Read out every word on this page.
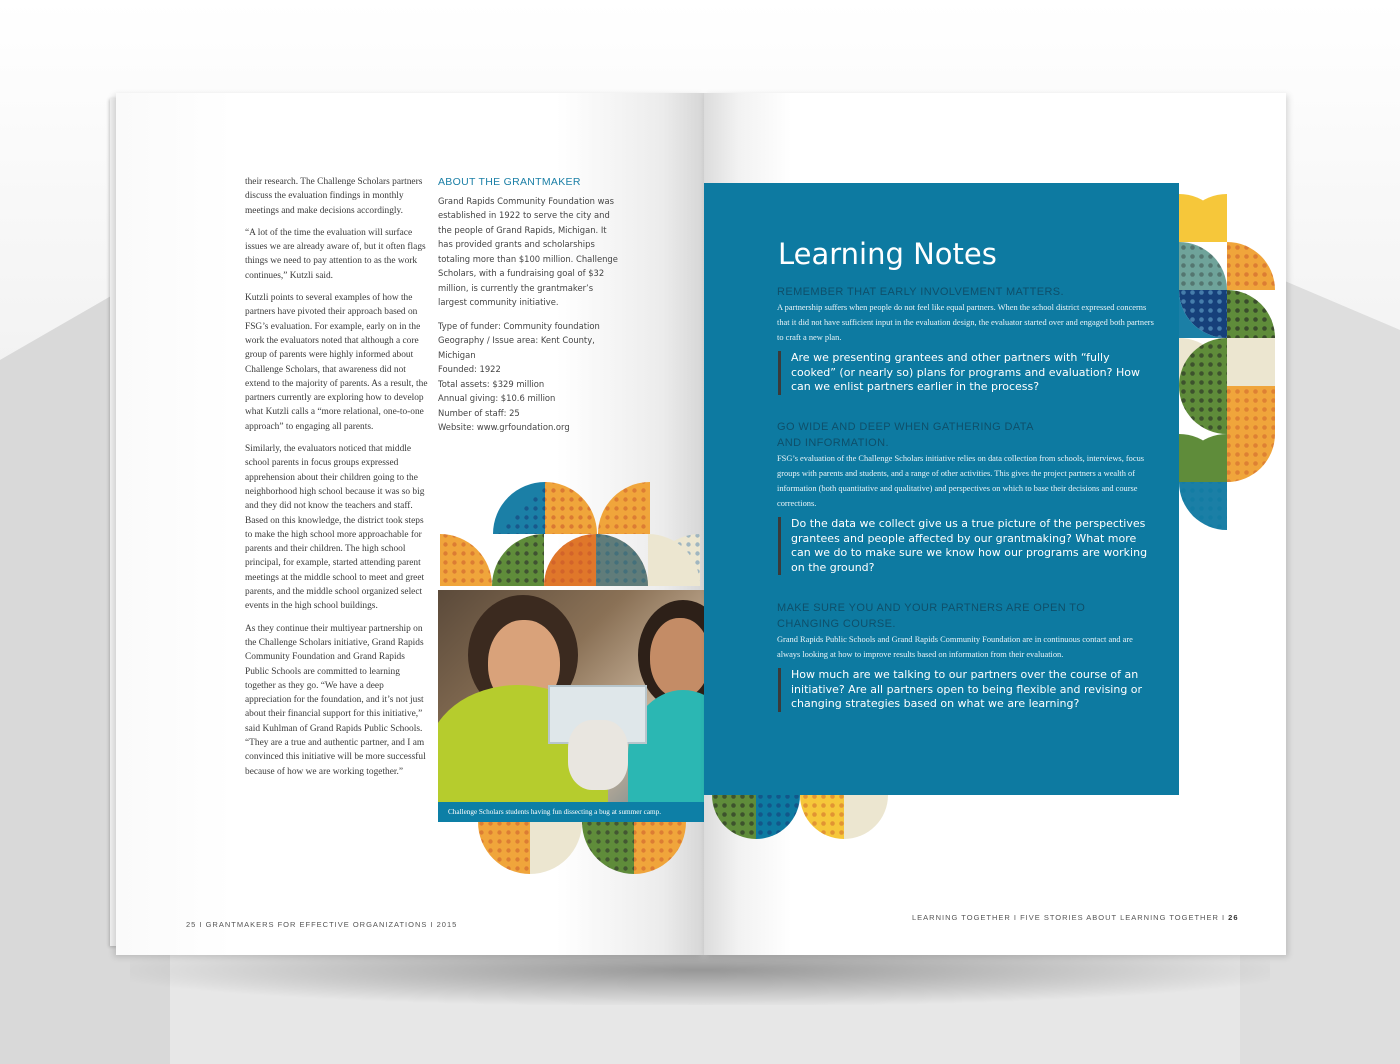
their research. The Challenge Scholars partners discuss the evaluation findings in monthly meetings and make decisions accordingly.

“A lot of the time the evaluation will surface issues we are already aware of, but it often flags things we need to pay attention to as the work continues,” Kutzli said.

Kutzli points to several examples of how the partners have pivoted their approach based on FSG’s evaluation. For example, early on in the work the evaluators noted that although a core group of parents were highly informed about Challenge Scholars, that awareness did not extend to the majority of parents. As a result, the partners currently are exploring how to develop what Kutzli calls a “more relational, one-to-one approach” to engaging all parents.

Similarly, the evaluators noticed that middle school parents in focus groups expressed apprehension about their children going to the neighborhood high school because it was so big and they did not know the teachers and staff. Based on this knowledge, the district took steps to make the high school more approachable for parents and their children. The high school principal, for example, started attending parent meetings at the middle school to meet and greet parents, and the middle school organized select events in the high school buildings.

As they continue their multiyear partnership on the Challenge Scholars initiative, Grand Rapids Community Foundation and Grand Rapids Public Schools are committed to learning together as they go. “We have a deep appreciation for the foundation, and it’s not just about their financial support for this initiative,” said Kuhlman of Grand Rapids Public Schools. “They are a true and authentic partner, and I am convinced this initiative will be more successful because of how we are working together.”

ABOUT THE GRANTMAKER

Grand Rapids Community Foundation was established in 1922 to serve the city and the people of Grand Rapids, Michigan. It has provided grants and scholarships totaling more than $100 million. Challenge Scholars, with a fundraising goal of $32 million, is currently the grantmaker’s largest community initiative.

Type of funder: Community foundation
Geography / Issue area: Kent County, Michigan
Founded: 1922
Total assets: $329 million
Annual giving: $10.6 million
Number of staff: 25
Website: www.grfoundation.org
Challenge Scholars students having fun dissecting a bug at summer camp.
25 I GRANTMAKERS FOR EFFECTIVE ORGANIZATIONS I 2015
Learning Notes
REMEMBER THAT EARLY INVOLVEMENT MATTERS.
A partnership suffers when people do not feel like equal partners. When the school district expressed concerns that it did not have sufficient input in the evaluation design, the evaluator started over and engaged both partners to craft a new plan.
Are we presenting grantees and other partners with “fully cooked” (or nearly so) plans for programs and evaluation? How can we enlist partners earlier in the process?
GO WIDE AND DEEP WHEN GATHERING DATA
AND INFORMATION.
FSG’s evaluation of the Challenge Scholars initiative relies on data collection from schools, interviews, focus groups with parents and students, and a range of other activities. This gives the project partners a wealth of information (both quantitative and qualitative) and perspectives on which to base their decisions and course corrections.
Do the data we collect give us a true picture of the perspectives grantees and people affected by our grantmaking? What more can we do to make sure we know how our programs are working on the ground?
MAKE SURE YOU AND YOUR PARTNERS ARE OPEN TO
CHANGING COURSE.
Grand Rapids Public Schools and Grand Rapids Community Foundation are in continuous contact and are always looking at how to improve results based on information from their evaluation.
How much are we talking to our partners over the course of an initiative? Are all partners open to being flexible and revising or changing strategies based on what we are learning?
LEARNING TOGETHER I FIVE STORIES ABOUT LEARNING TOGETHER I 26
